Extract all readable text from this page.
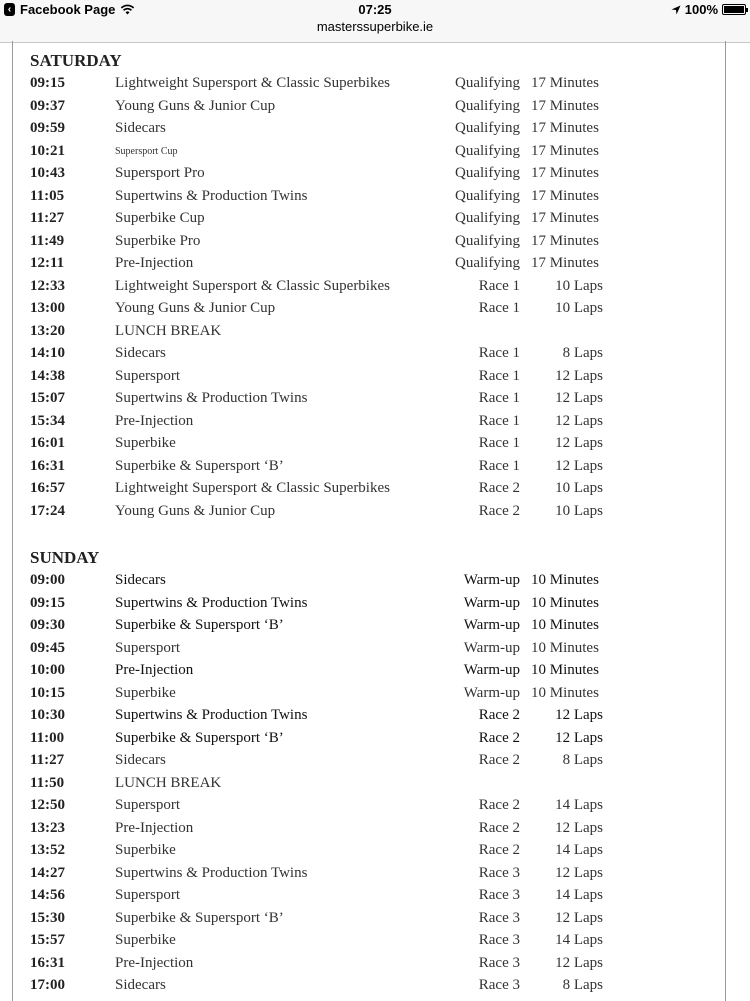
‹ Facebook Page	07:25	100%
masterssuperbike.ie
SATURDAY
09:15	Lightweight Supersport & Classic Superbikes	Qualifying 17 Minutes
09:37	Young Guns & Junior Cup	Qualifying 17 Minutes
09:59	Sidecars	Qualifying 17 Minutes
10:21	Supersport Cup	Qualifying 17 Minutes
10:43	Supersport Pro	Qualifying 17 Minutes
11:05	Supertwins & Production Twins	Qualifying 17 Minutes
11:27	Superbike Cup	Qualifying 17 Minutes
11:49	Superbike Pro	Qualifying 17 Minutes
12:11	Pre-Injection	Qualifying 17 Minutes
12:33	Lightweight Supersport & Classic Superbikes	Race 1 10 Laps
13:00	Young Guns & Junior Cup	Race 1 10 Laps
13:20	LUNCH BREAK
14:10	Sidecars	Race 1	8 Laps
14:38	Supersport	Race 1 12 Laps
15:07	Supertwins & Production Twins	Race 1 12 Laps
15:34	Pre-Injection	Race 1 12 Laps
16:01	Superbike	Race 1 12 Laps
16:31	Superbike & Supersport ‘B’	Race 1 12 Laps
16:57	Lightweight Supersport & Classic Superbikes	Race 2 10 Laps
17:24	Young Guns & Junior Cup	Race 2 10 Laps
SUNDAY
09:00	Sidecars	Warm-up 10 Minutes
09:15	Supertwins & Production Twins	Warm-up 10 Minutes
09:30	Superbike & Supersport ‘B’	Warm-up 10 Minutes
09:45	Supersport	Warm-up 10 Minutes
10:00	Pre-Injection	Warm-up 10 Minutes
10:15	Superbike	Warm-up 10 Minutes
10:30	Supertwins & Production Twins	Race 2 12 Laps
11:00	Superbike & Supersport ‘B’	Race 2 12 Laps
11:27	Sidecars	Race 2	8 Laps
11:50	LUNCH BREAK
12:50	Supersport	Race 2 14 Laps
13:23	Pre-Injection	Race 2 12 Laps
13:52	Superbike	Race 2 14 Laps
14:27	Supertwins & Production Twins	Race 3 12 Laps
14:56	Supersport	Race 3 14 Laps
15:30	Superbike & Supersport ‘B’	Race 3 12 Laps
15:57	Superbike	Race 3 14 Laps
16:31	Pre-Injection	Race 3 12 Laps
17:00	Sidecars	Race 3	8 Laps
